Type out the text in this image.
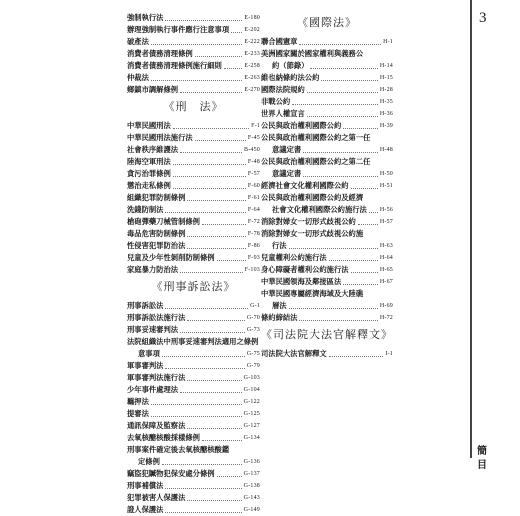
3
簡
目
強制執行法	E-180
辦理強制執行事件應行注意事項	E-202
破產法	E-222
消費者債務清理條例	E-233
消費者債務清理條例施行細則	E-258
仲裁法	E-263
鄉鎮市調解條例	E-270
《刑　法》
中華民國刑法	F-1
中華民國刑法施行法	F-45
社會秩序維護法	B-450
陸海空軍刑法	F-48
貪污治罪條例	F-57
懲治走私條例	F-60
組織犯罪防制條例	F-61
洗錢防制法	F-64
槍砲彈藥刀械管制條例	F-72
毒品危害防制條例	F-78
性侵害犯罪防治法	F-86
兒童及少年性剝削防制條例	F-93
家庭暴力防治法	F-103
《刑事訴訟法》
刑事訴訟法	G-1
刑事訴訟法施行法	G-70
刑事妥速審判法	G-73
法院組織法中刑事妥速審判法適用之條例
意事項	G-75
軍事審判法	G-79
軍事審判法施行法	G-103
少年事件處理法	G-104
羈押法	G-122
提審法	G-125
通訊保障及監察法	G-127
去氧核醣核酸採樣條例	G-134
刑事案件確定後去氧核醣核酸鑑
定條例	G-136
竊盜犯贓物犯保安處分條例	G-137
刑事補償法	G-138
犯罪被害人保護法	G-143
證人保護法	G-149
《國際法》
聯合國憲章	H-1
美洲國家關於國家權利與義務公
約（節錄）	H-14
維也納條約法公約	H-15
國際法院規約	H-28
非戰公約	H-35
世界人權宣言	H-36
公民與政治權利國際公約	H-39
公民與政治權利國際公約之第一任
意議定書	H-48
公民與政治權利國際公約之第二任
意議定書	H-50
經濟社會文化權利國際公約	H-51
公民與政治權利國際公約及經濟
社會文化權利國際公約施行法 H-56
消除對婦女一切形式歧視公約	H-57
消除對婦女一切形式歧視公約施
行法	H-63
兒童權利公約施行法	H-64
身心障礙者權利公約施行法	H-65
中華民國領海及鄰接區法	H-67
中華民國專屬經濟海域及大陸礁
層法	H-69
條約締結法	H-72
《司法院大法官解釋文》
司法院大法官解釋文	I-1
